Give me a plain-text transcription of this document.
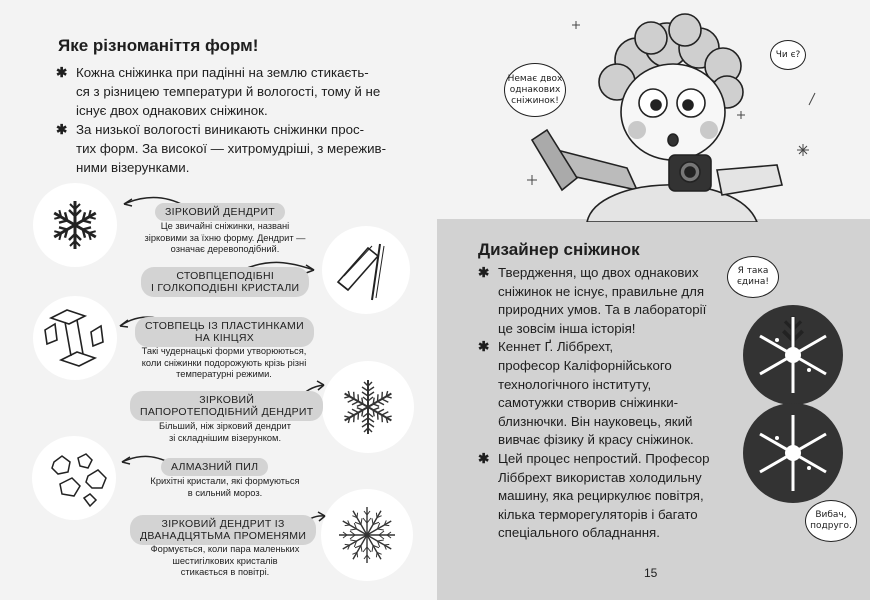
Яке різноманіття форм!
✱ Кожна сніжинка при падінні на землю стикаєть-
ся з різницею температури й вологості, тому й не
існує двох однакових сніжинок.
✱ За низької вологості виникають сніжинки прос-
тих форм. За високої — хитромудріші, з мережив-
ними візерунками.
ЗІРКОВИЙ ДЕНДРИТ
Це звичайні сніжинки, названі
зірковими за їхню форму. Дендрит —
означає деревоподібний.
СТОВПЦЕПОДІБНІ
І ГОЛКОПОДІБНІ КРИСТАЛИ
СТОВПЕЦЬ ІЗ ПЛАСТИНКАМИ
НА КІНЦЯХ
Такі чудернацькі форми утворюються,
коли сніжинки подорожують крізь різні
температурні режими.
ЗІРКОВИЙ
ПАПОРОТЕПОДІБНИЙ ДЕНДРИТ
Більший, ніж зірковий дендрит
зі складнішим візерунком.
АЛМАЗНИЙ ПИЛ
Крихітні кристали, які формуються
в сильний мороз.
ЗІРКОВИЙ ДЕНДРИТ ІЗ
ДВАНАДЦЯТЬМА ПРОМЕНЯМИ
Формується, коли пара маленьких
шестигілкових кристалів
стикається в повітрі.
Немає двох
однакових
сніжинок!
Чи є?
Дизайнер сніжинок
✱ Твердження, що двох однакових
сніжинок не існує, правильне для
природних умов. Та в лабораторії
це зовсім інша історія!
✱ Кеннет Ґ. Ліббрехт,
професор Каліфорнійського
технологічного інституту,
самотужки створив сніжинки-
близнючки. Він науковець, який
вивчає фізику й красу сніжинок.
✱ Цей процес непростий. Професор
Ліббрехт використав холодильну
машину, яка рециркулює повітря,
кілька терморегуляторів і багато
спеціального обладнання.
Я така
єдина!
Вибач,
подруго.
15
